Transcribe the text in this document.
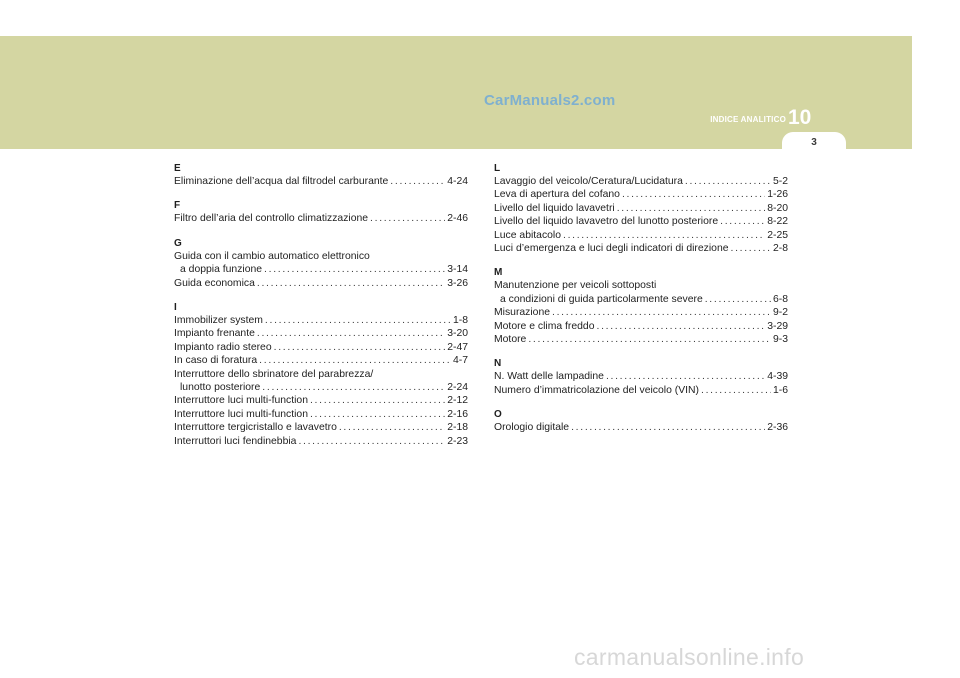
CarManuals2.com
INDICE ANALITICO 10
3
E
Eliminazione dell’acqua dal filtrodel carburante . . .	4-24
F
Filtro dell’aria del controllo climatizzazione . . .	2-46
G
Guida con il cambio automatico elettronico
a doppia funzione . . .	3-14
Guida economica . . .	3-26
I
Immobilizer system . . .	1-8
Impianto frenante . . .	3-20
Impianto radio stereo . . .	2-47
In caso di foratura . . .	4-7
Interruttore dello sbrinatore del parabrezza/
lunotto posteriore . . .	2-24
Interruttore luci multi-function . . .	2-12
Interruttore luci multi-function . . .	2-16
Interruttore tergicristallo e lavavetro . . .	2-18
Interruttori luci fendinebbia . . .	2-23
L
Lavaggio del veicolo/Ceratura/Lucidatura . . .	5-2
Leva di apertura del cofano . . .	1-26
Livello del liquido lavavetri . . .	8-20
Livello del liquido lavavetro del lunotto posteriore . . .	8-22
Luce abitacolo . . .	2-25
Luci d’emergenza e luci degli indicatori di direzione . . .	2-8
M
Manutenzione per veicoli sottoposti
a condizioni di guida particolarmente severe . . .	6-8
Misurazione . . .	9-2
Motore e clima freddo . . .	3-29
Motore . . .	9-3
N
N. Watt delle lampadine . . .	4-39
Numero d’immatricolazione del veicolo (VIN) . . .	1-6
O
Orologio digitale . . .	2-36
carmanualsonline.info
